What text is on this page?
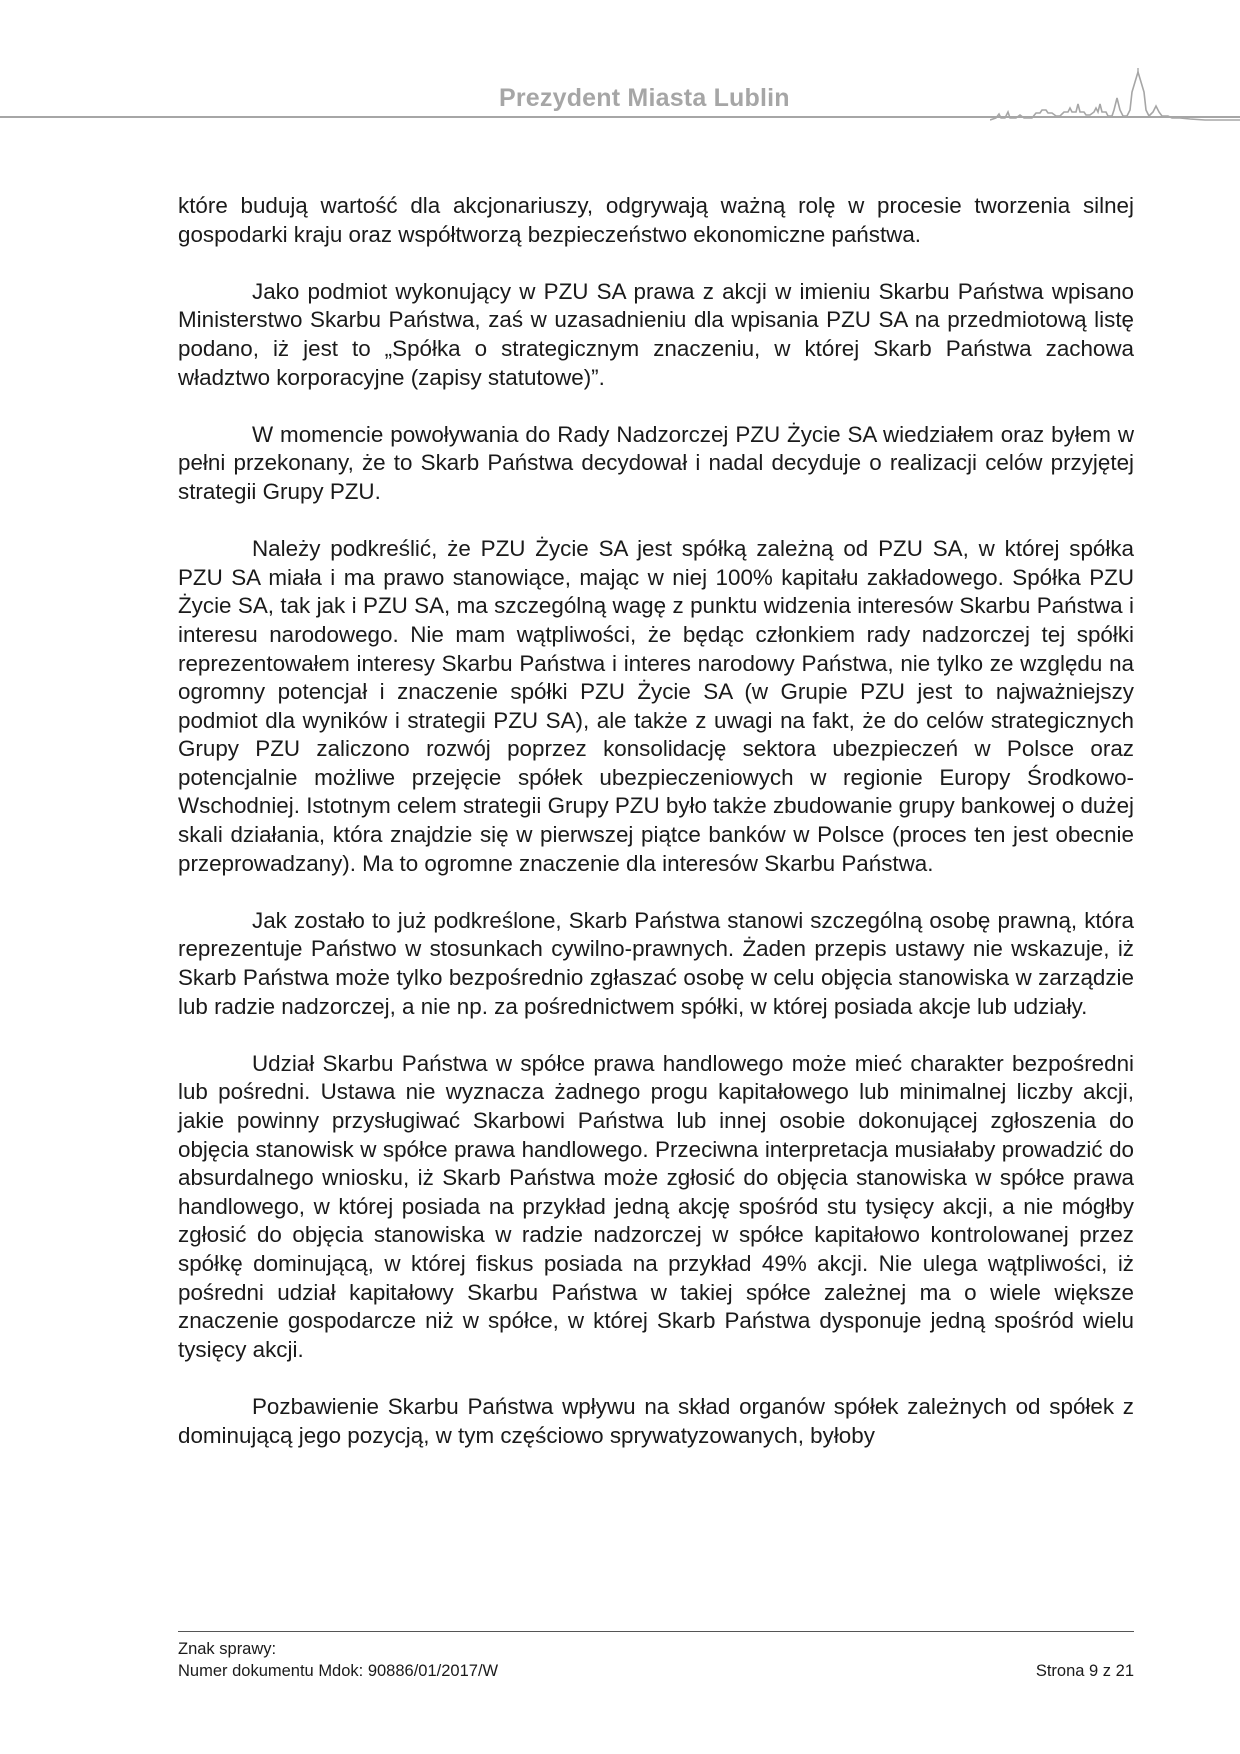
Prezydent Miasta Lublin

które budują wartość dla akcjonariuszy, odgrywają ważną rolę w procesie tworzenia silnej gospodarki kraju oraz współtworzą bezpieczeństwo ekonomiczne państwa.

Jako podmiot wykonujący w PZU SA prawa z akcji w imieniu Skarbu Państwa wpisano Ministerstwo Skarbu Państwa, zaś w uzasadnieniu dla wpisania PZU SA na przedmiotową listę podano, iż jest to „Spółka o strategicznym znaczeniu, w której Skarb Państwa zachowa władztwo korporacyjne (zapisy statutowe)”.

W momencie powoływania do Rady Nadzorczej PZU Życie SA wiedziałem oraz byłem w pełni przekonany, że to Skarb Państwa decydował i nadal decyduje o realizacji celów przyjętej strategii Grupy PZU.

Należy podkreślić, że PZU Życie SA jest spółką zależną od PZU SA, w której spółka PZU SA miała i ma prawo stanowiące, mając w niej 100% kapitału zakładowego. Spółka PZU Życie SA, tak jak i PZU SA, ma szczególną wagę z punktu widzenia interesów Skarbu Państwa i interesu narodowego. Nie mam wątpliwości, że będąc członkiem rady nadzorczej tej spółki reprezentowałem interesy Skarbu Państwa i interes narodowy Państwa, nie tylko ze względu na ogromny potencjał i znaczenie spółki PZU Życie SA (w Grupie PZU jest to najważniejszy podmiot dla wyników i strategii PZU SA), ale także z uwagi na fakt, że do celów strategicznych Grupy PZU zaliczono rozwój poprzez konsolidację sektora ubezpieczeń w Polsce oraz potencjalnie możliwe przejęcie spółek ubezpieczeniowych w regionie Europy Środkowo-Wschodniej. Istotnym celem strategii Grupy PZU było także zbudowanie grupy bankowej o dużej skali działania, która znajdzie się w pierwszej piątce banków w Polsce (proces ten jest obecnie przeprowadzany). Ma to ogromne znaczenie dla interesów Skarbu Państwa.

Jak zostało to już podkreślone, Skarb Państwa stanowi szczególną osobę prawną, która reprezentuje Państwo w stosunkach cywilno-prawnych. Żaden przepis ustawy nie wskazuje, iż Skarb Państwa może tylko bezpośrednio zgłaszać osobę w celu objęcia stanowiska w zarządzie lub radzie nadzorczej, a nie np. za pośrednictwem spółki, w której posiada akcje lub udziały.

Udział Skarbu Państwa w spółce prawa handlowego może mieć charakter bezpośredni lub pośredni. Ustawa nie wyznacza żadnego progu kapitałowego lub minimalnej liczby akcji, jakie powinny przysługiwać Skarbowi Państwa lub innej osobie dokonującej zgłoszenia do objęcia stanowisk w spółce prawa handlowego. Przeciwna interpretacja musiałaby prowadzić do absurdalnego wniosku, iż Skarb Państwa może zgłosić do objęcia stanowiska w spółce prawa handlowego, w której posiada na przykład jedną akcję spośród stu tysięcy akcji, a nie mógłby zgłosić do objęcia stanowiska w radzie nadzorczej w spółce kapitałowo kontrolowanej przez spółkę dominującą, w której fiskus posiada na przykład 49% akcji. Nie ulega wątpliwości, iż pośredni udział kapitałowy Skarbu Państwa w takiej spółce zależnej ma o wiele większe znaczenie gospodarcze niż w spółce, w której Skarb Państwa dysponuje jedną spośród wielu tysięcy akcji.

Pozbawienie Skarbu Państwa wpływu na skład organów spółek zależnych od spółek z dominującą jego pozycją, w tym częściowo sprywatyzowanych, byłoby

Znak sprawy:
Numer dokumentu Mdok: 90886/01/2017/W	Strona 9 z 21
